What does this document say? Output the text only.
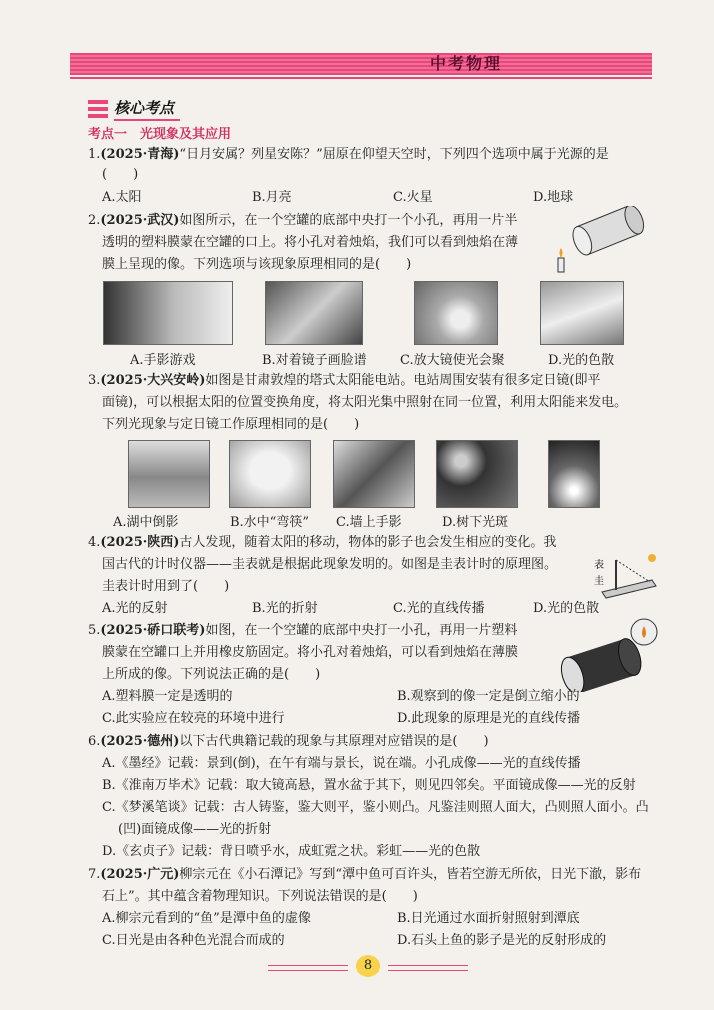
中考物理
核心考点
考点一　光现象及其应用
1.(2025·青海)“日月安属？列星安陈？”屈原在仰望天空时，下列四个选项中属于光源的是
(　　)
A.太阳	B.月亮	C.火星	D.地球
2.(2025·武汉)如图所示，在一个空罐的底部中央打一个小孔，再用一片半
透明的塑料膜蒙在空罐的口上。将小孔对着烛焰，我们可以看到烛焰在薄
膜上呈现的像。下列选项与该现象原理相同的是(　　)
A.手影游戏	B.对着镜子画脸谱	C.放大镜使光会聚	D.光的色散
3.(2025·大兴安岭)如图是甘肃敦煌的塔式太阳能电站。电站周围安装有很多定日镜(即平
面镜)，可以根据太阳的位置变换角度，将太阳光集中照射在同一位置，利用太阳能来发电。
下列光现象与定日镜工作原理相同的是(　　)
A.湖中倒影	B.水中“弯筷” C.墙上手影	D.树下光斑
4.(2025·陕西)古人发现，随着太阳的移动，物体的影子也会发生相应的变化。我
国古代的计时仪器——圭表就是根据此现象发明的。如图是圭表计时的原理图。
圭表计时用到了(　　)
表
圭
A.光的反射	B.光的折射	C.光的直线传播	D.光的色散
5.(2025·硚口联考)如图，在一个空罐的底部中央打一小孔，再用一片塑料
膜蒙在空罐口上并用橡皮筋固定。将小孔对着烛焰，可以看到烛焰在薄膜
上所成的像。下列说法正确的是(　　)
A.塑料膜一定是透明的	B.观察到的像一定是倒立缩小的
C.此实验应在较亮的环境中进行	D.此现象的原理是光的直线传播
6.(2025·德州)以下古代典籍记载的现象与其原理对应错误的是(　　)
A.《墨经》记载：景到(倒)，在午有端与景长，说在端。小孔成像——光的直线传播
B.《淮南万毕术》记载：取大镜高悬，置水盆于其下，则见四邻矣。平面镜成像——光的反射
C.《梦溪笔谈》记载：古人铸鉴，鉴大则平，鉴小则凸。凡鉴洼则照人面大，凸则照人面小。凸
(凹)面镜成像——光的折射
D.《玄贞子》记载：背日喷乎水，成虹霓之状。彩虹——光的色散
7.(2025·广元)柳宗元在《小石潭记》写到“潭中鱼可百许头，皆若空游无所依，日光下澈，影布
石上”。其中蕴含着物理知识。下列说法错误的是(　　)
A.柳宗元看到的“鱼”是潭中鱼的虚像	B.日光通过水面折射照射到潭底
C.日光是由各种色光混合而成的	D.石头上鱼的影子是光的反射形成的
8
